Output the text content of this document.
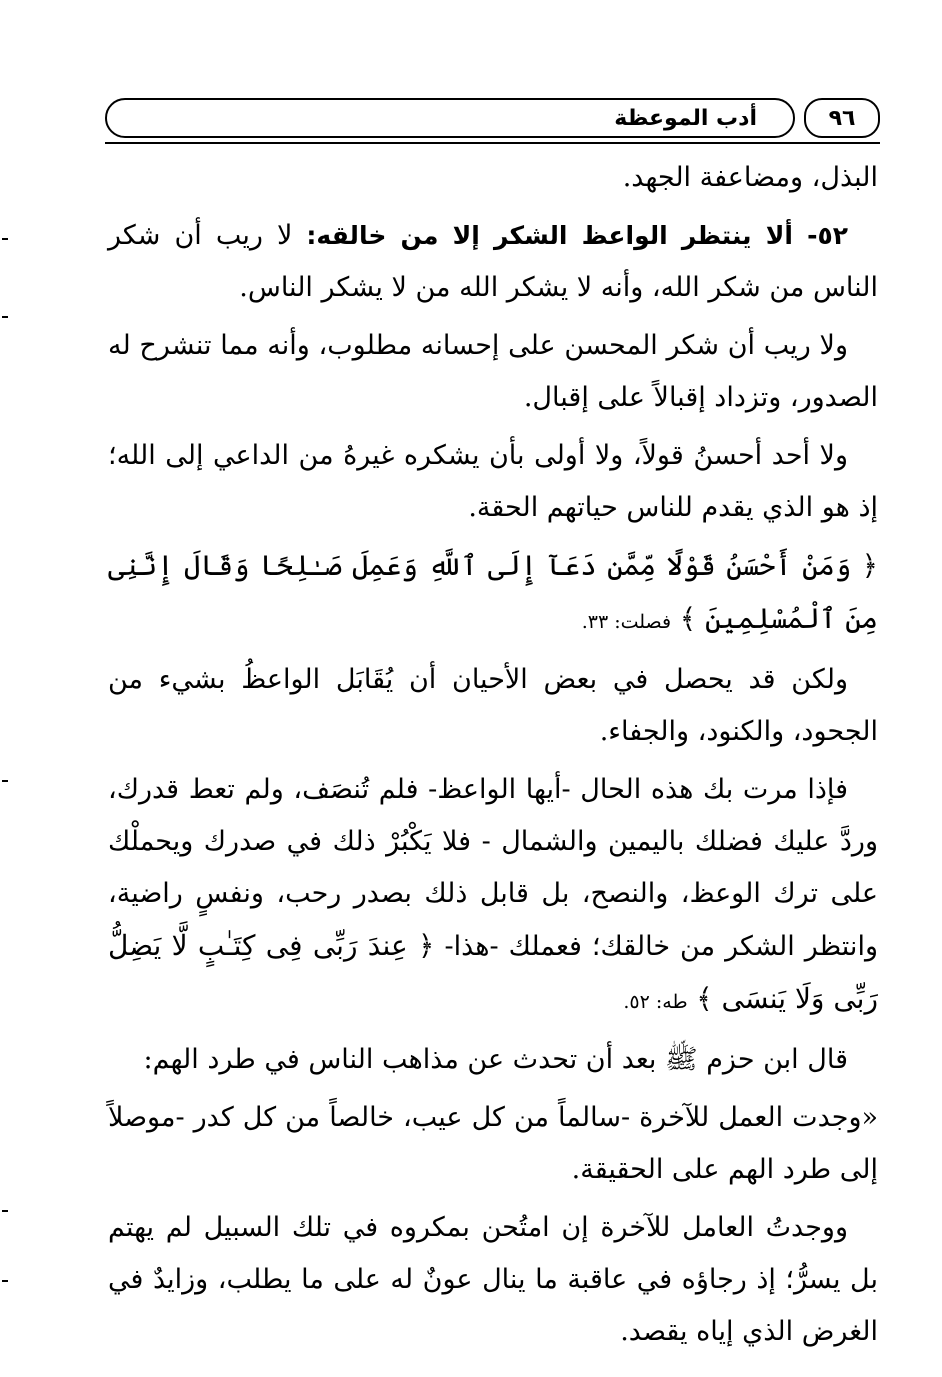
أدب الموعظة	٩٦

البذل، ومضاعفة الجهد.

٥٢- ألا ينتظر الواعظ الشكر إلا من خالقه: لا ريب أن شكر الناس من شكر الله، وأنه لا يشكر الله من لا يشكر الناس.

ولا ريب أن شكر المحسن على إحسانه مطلوب، وأنه مما تنشرح له الصدور، وتزداد إقبالاً على إقبال.

ولا أحد أحسنُ قولاً، ولا أولى بأن يشكره غيرهُ من الداعي إلى الله؛ إذ هو الذي يقدم للناس حياتهم الحقة.

﴿ وَمَنْ أَحْسَنُ قَوْلًا مِّمَّن دَعَآ إِلَى ٱللَّهِ وَعَمِلَ صَـٰلِحًا وَقَالَ إِنَّنِى مِنَ ٱلْمُسْلِمِينَ ﴾ فصلت: ٣٣.

ولكن قد يحصل في بعض الأحيان أن يُقَابَل الواعظُ بشيء من الجحود، والكنود، والجفاء.

فإذا مرت بك هذه الحال -أيها الواعظ- فلم تُنصَف، ولم تعط قدرك، وردَّ عليك فضلك باليمين والشمال - فلا يَكْبُرْ ذلك في صدرك ويحملْك على ترك الوعظ، والنصح، بل قابل ذلك بصدر رحب، ونفسٍ راضية، وانتظر الشكر من خالقك؛ فعملك -هذا- ﴿ عِندَ رَبِّى فِى كِتَـٰبٍ لَّا يَضِلُّ رَبِّى وَلَا يَنسَى ﴾ طه: ٥٢.

قال ابن حزم ﷺ بعد أن تحدث عن مذاهب الناس في طرد الهم:

«وجدت العمل للآخرة -سالماً من كل عيب، خالصاً من كل كدر -موصلاً إلى طرد الهم على الحقيقة.

ووجدتُ العامل للآخرة إن امتُحن بمكروه في تلك السبيل لم يهتم بل يسرُّ؛ إذ رجاؤه في عاقبة ما ينال عونٌ له على ما يطلب، وزايدٌ في الغرض الذي إياه يقصد.
